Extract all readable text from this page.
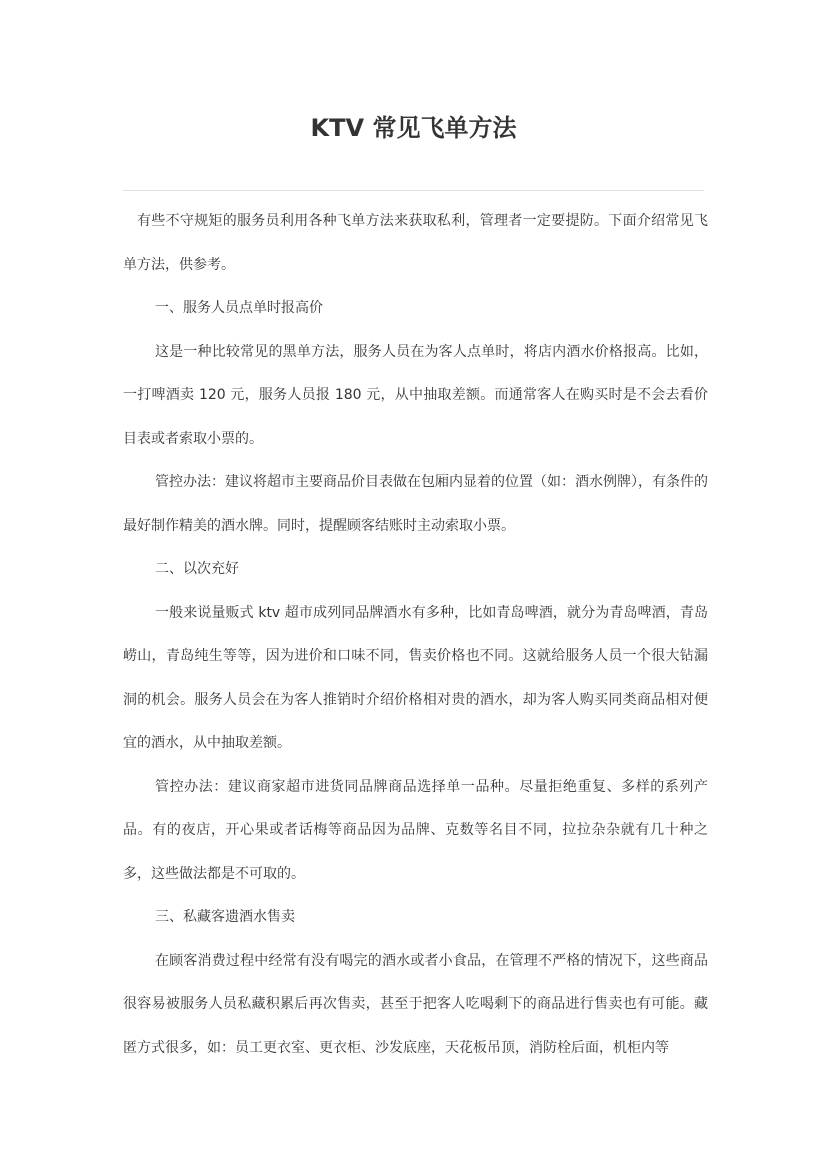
KTV 常见飞单方法

有些不守规矩的服务员利用各种飞单方法来获取私利，管理者一定要提防。下面介绍常见飞单方法，供参考。

一、服务人员点单时报高价

这是一种比较常见的黑单方法，服务人员在为客人点单时，将店内酒水价格报高。比如，一打啤酒卖 120 元，服务人员报 180 元，从中抽取差额。而通常客人在购买时是不会去看价目表或者索取小票的。

管控办法：建议将超市主要商品价目表做在包厢内显着的位置（如：酒水例牌），有条件的最好制作精美的酒水牌。同时，提醒顾客结账时主动索取小票。

二、以次充好

一般来说量贩式 ktv 超市成列同品牌酒水有多种，比如青岛啤酒，就分为青岛啤酒，青岛崂山，青岛纯生等等，因为进价和口味不同，售卖价格也不同。这就给服务人员一个很大钻漏洞的机会。服务人员会在为客人推销时介绍价格相对贵的酒水，却为客人购买同类商品相对便宜的酒水，从中抽取差额。

管控办法：建议商家超市进货同品牌商品选择单一品种。尽量拒绝重复、多样的系列产品。有的夜店，开心果或者话梅等商品因为品牌、克数等名目不同，拉拉杂杂就有几十种之多，这些做法都是不可取的。

三、私藏客遗酒水售卖

在顾客消费过程中经常有没有喝完的酒水或者小食品，在管理不严格的情况下，这些商品很容易被服务人员私藏积累后再次售卖，甚至于把客人吃喝剩下的商品进行售卖也有可能。藏匿方式很多，如：员工更衣室、更衣柜、沙发底座，天花板吊顶，消防栓后面，机柜内等
